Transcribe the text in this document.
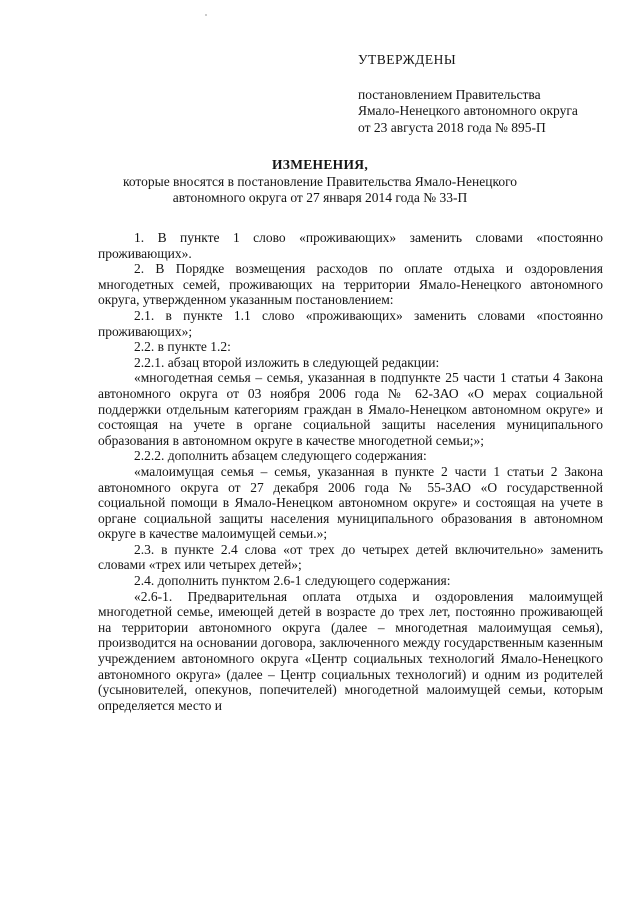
УТВЕРЖДЕНЫ
постановлением Правительства
Ямало-Ненецкого автономного округа
от 23 августа 2018 года № 895-П
ИЗМЕНЕНИЯ,
которые вносятся в постановление Правительства Ямало-Ненецкого
автономного округа от 27 января 2014 года № 33-П

1. В пункте 1 слово «проживающих» заменить словами «постоянно проживающих».

2. В Порядке возмещения расходов по оплате отдыха и оздоровления многодетных семей, проживающих на территории Ямало-Ненецкого автономного округа, утвержденном указанным постановлением:

2.1. в пункте 1.1 слово «проживающих» заменить словами «постоянно проживающих»;

2.2. в пункте 1.2:

2.2.1. абзац второй изложить в следующей редакции:

«многодетная семья – семья, указанная в подпункте 25 части 1 статьи 4 Закона автономного округа от 03 ноября 2006 года № 62-ЗАО «О мерах социальной поддержки отдельным категориям граждан в Ямало-Ненецком автономном округе» и состоящая на учете в органе социальной защиты населения муниципального образования в автономном округе в качестве многодетной семьи;»;

2.2.2. дополнить абзацем следующего содержания:

«малоимущая семья – семья, указанная в пункте 2 части 1 статьи 2 Закона автономного округа от 27 декабря 2006 года № 55-ЗАО «О государственной социальной помощи в Ямало-Ненецком автономном округе» и состоящая на учете в органе социальной защиты населения муниципального образования в автономном округе в качестве малоимущей семьи.»;

2.3. в пункте 2.4 слова «от трех до четырех детей включительно» заменить словами «трех или четырех детей»;

2.4. дополнить пунктом 2.6-1 следующего содержания:

«2.6-1. Предварительная оплата отдыха и оздоровления малоимущей многодетной семье, имеющей детей в возрасте до трех лет, постоянно проживающей на территории автономного округа (далее – многодетная малоимущая семья), производится на основании договора, заключенного между государственным казенным учреждением автономного округа «Центр социальных технологий Ямало-Ненецкого автономного округа» (далее – Центр социальных технологий) и одним из родителей (усыновителей, опекунов, попечителей) многодетной малоимущей семьи, которым определяется место и
